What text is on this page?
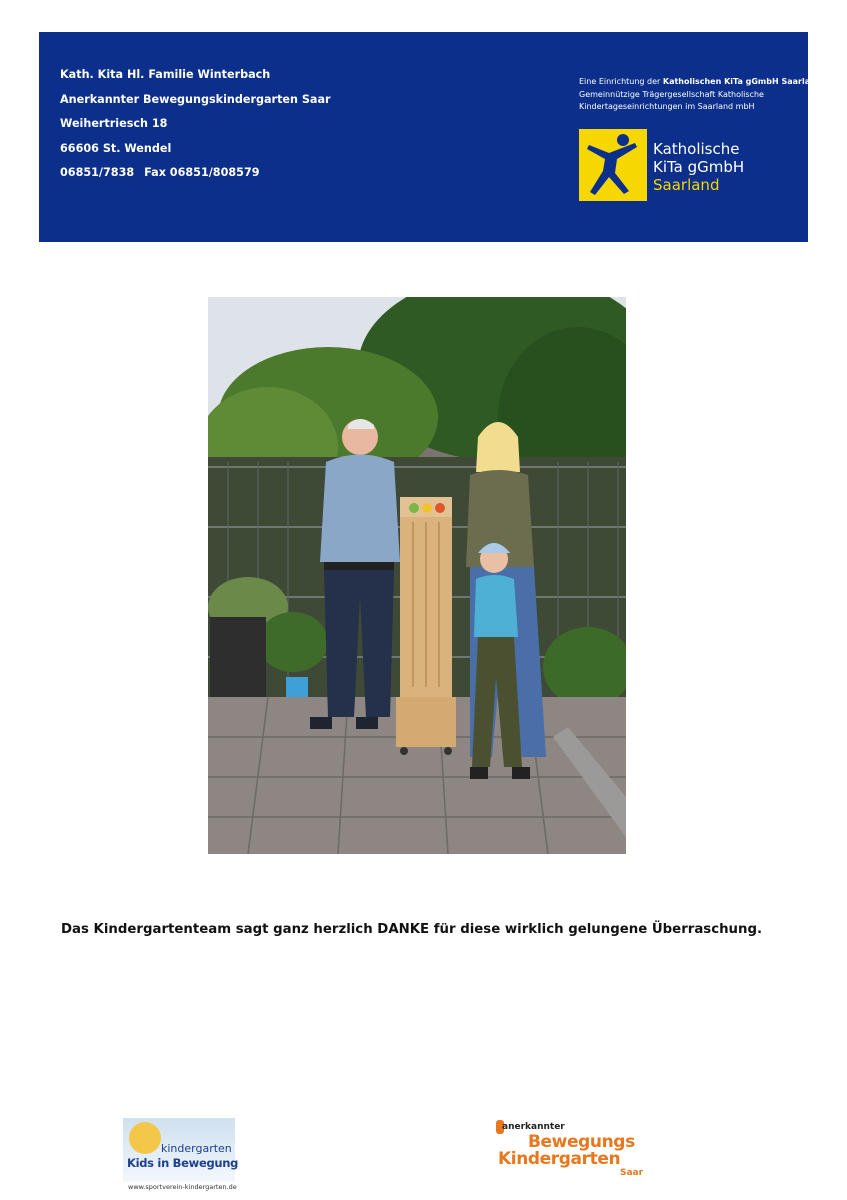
Kath. Kita Hl. Familie Winterbach
Anerkannter Bewegungskindergarten Saar
Weihertriesch 18
66606 St. Wendel
06851/7838 Fax 06851/808579
Eine Einrichtung der Katholischen KiTa gGmbH Saarland
Gemeinnützige Trägergesellschaft Katholische
Kindertageseinrichtungen im Saarland mbH
Katholische
KiTa gGmbH
Saarland
Das Kindergartenteam sagt ganz herzlich DANKE für diese wirklich gelungene Überraschung.
kindergarten
Kids in Bewegung
www.sportverein-kindergarten.de
anerkannter
Bewegungs
Kindergarten
Saar
